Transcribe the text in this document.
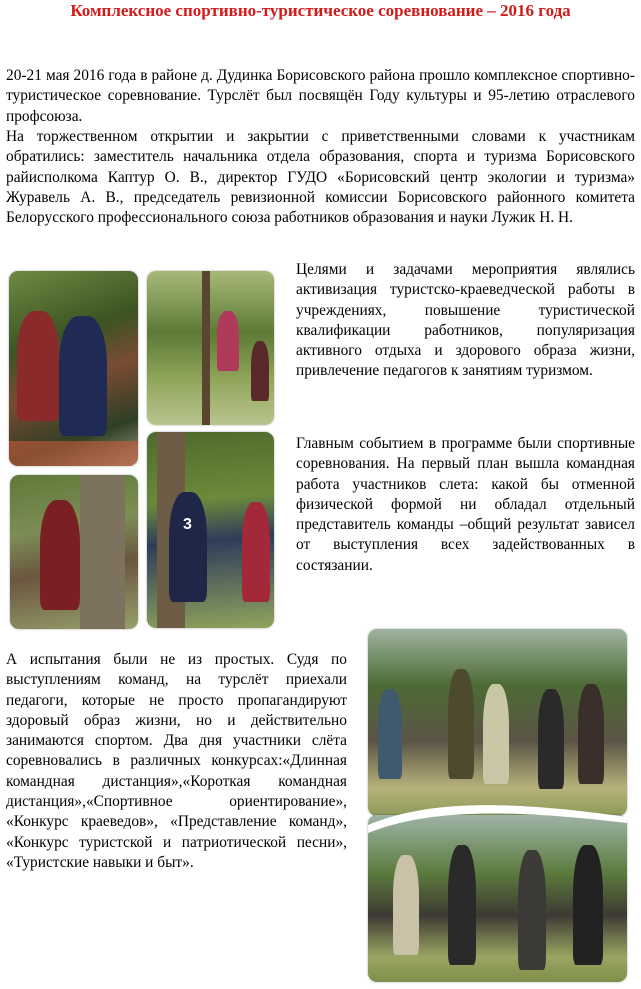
Комплексное спортивно-туристическое соревнование – 2016 года

20-21 мая 2016 года в районе д. Дудинка Борисовского района прошло комплексное спортивно-туристическое соревнование. Турслёт был посвящён Году культуры и 95-летию отраслевого профсоюза.

На торжественном открытии и закрытии с приветственными словами к участникам обратились: заместитель начальника отдела образования, спорта и туризма Борисовского райисполкома Каптур О. В., директор ГУДО «Борисовский центр экологии и туризма» Журавель А. В., председатель ревизионной комиссии Борисовского районного комитета Белорусского профессионального союза работников образования и науки Лужик Н. Н.

3

Целями и задачами мероприятия являлись активизация туристско-краеведческой работы в учреждениях, повышение туристической квалификации работников, популяризация активного отдыха и здорового образа жизни, привлечение педагогов к занятиям туризмом.

Главным событием в программе были спортивные соревнования. На первый план вышла командная работа участников слета: какой бы отменной физической формой ни обладал отдельный представитель команды –общий результат зависел от выступления всех задействованных в состязании.

А испытания были не из простых. Судя по выступлениям команд, на турслёт приехали педагоги, которые не просто пропагандируют здоровый образ жизни, но и действительно занимаются спортом. Два дня участники слёта соревновались в различных конкурсах:«Длинная командная дистанция»,«Короткая командная дистанция»,«Спортивное ориентирование», «Конкурс краеведов», «Представление команд», «Конкурс туристской и патриотической песни», «Туристские навыки и быт».
